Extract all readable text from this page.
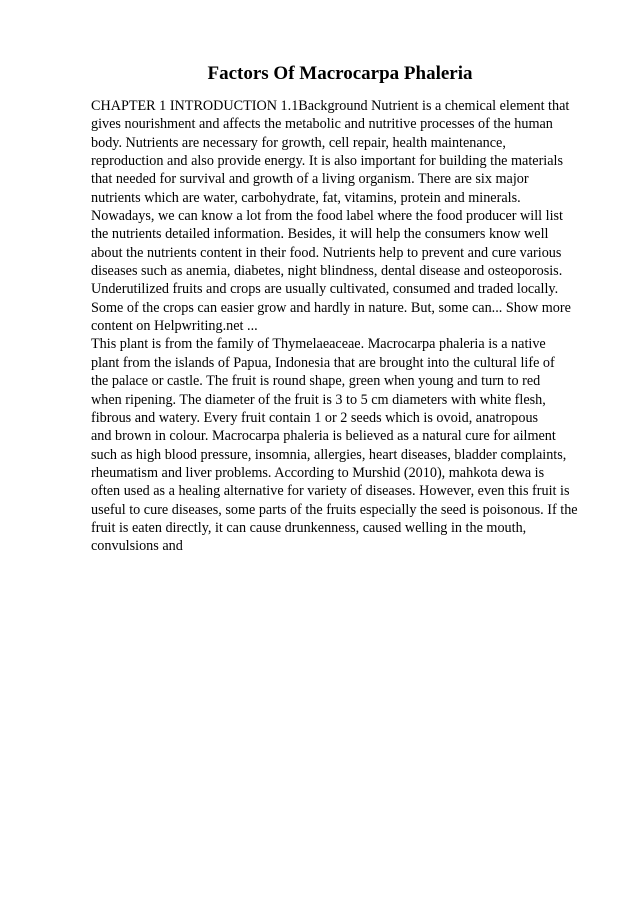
Factors Of Macrocarpa Phaleria
CHAPTER 1 INTRODUCTION 1.1Background Nutrient is a chemical element that
gives nourishment and affects the metabolic and nutritive processes of the human
body. Nutrients are necessary for growth, cell repair, health maintenance,
reproduction and also provide energy. It is also important for building the materials
that needed for survival and growth of a living organism. There are six major
nutrients which are water, carbohydrate, fat, vitamins, protein and minerals.
Nowadays, we can know a lot from the food label where the food producer will list
the nutrients detailed information. Besides, it will help the consumers know well
about the nutrients content in their food. Nutrients help to prevent and cure various
diseases such as anemia, diabetes, night blindness, dental disease and osteoporosis.
Underutilized fruits and crops are usually cultivated, consumed and traded locally.
Some of the crops can easier grow and hardly in nature. But, some can... Show more
content on Helpwriting.net ...
This plant is from the family of Thymelaeaceae. Macrocarpa phaleria is a native
plant from the islands of Papua, Indonesia that are brought into the cultural life of
the palace or castle. The fruit is round shape, green when young and turn to red
when ripening. The diameter of the fruit is 3 to 5 cm diameters with white flesh,
fibrous and watery. Every fruit contain 1 or 2 seeds which is ovoid, anatropous
and brown in colour. Macrocarpa phaleria is believed as a natural cure for ailment
such as high blood pressure, insomnia, allergies, heart diseases, bladder complaints,
rheumatism and liver problems. According to Murshid (2010), mahkota dewa is
often used as a healing alternative for variety of diseases. However, even this fruit is
useful to cure diseases, some parts of the fruits especially the seed is poisonous. If the
fruit is eaten directly, it can cause drunkenness, caused welling in the mouth,
convulsions and
